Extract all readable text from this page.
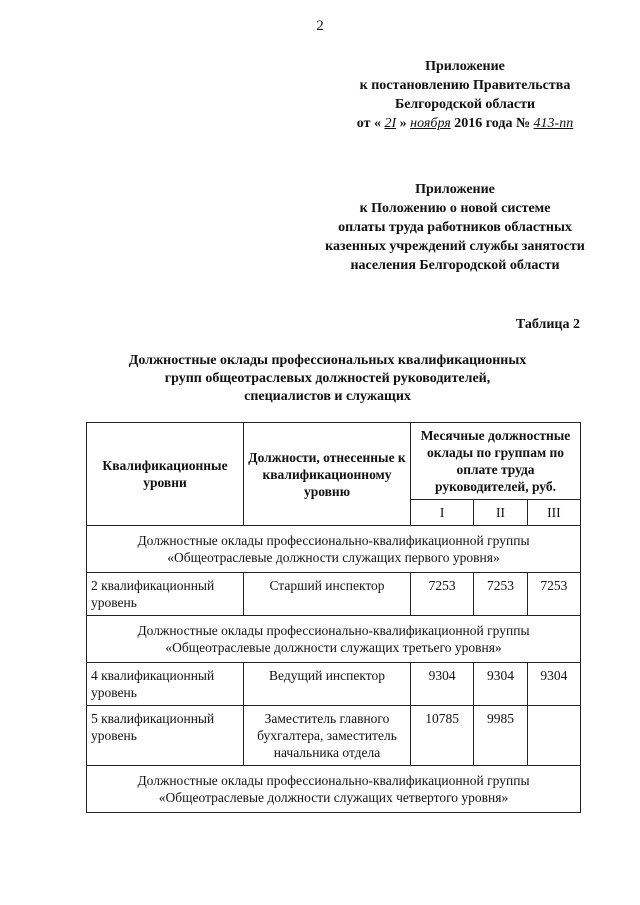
2
Приложение
к постановлению Правительства
Белгородской области
от « 2I » ноября 2016 года № 413-пп
Приложение
к Положению о новой системе
оплаты труда работников областных
казенных учреждений службы занятости
населения Белгородской области
Таблица 2
Должностные оклады профессиональных квалификационных
групп общеотраслевых должностей руководителей,
специалистов и служащих
Квалификационные уровни	Должности, отнесенные к квалификационному уровню	Месячные должностные оклады по группам по оплате труда руководителей, руб.		
		I	II	III
Должностные оклады профессионально-квалификационной группы «Общеотраслевые должности служащих первого уровня»				
2 квалификационный уровень	Старший инспектор	7253	7253	7253
Должностные оклады профессионально-квалификационной группы «Общеотраслевые должности служащих третьего уровня»				
4 квалификационный уровень	Ведущий инспектор	9304	9304	9304
5 квалификационный уровень	Заместитель главного бухгалтера, заместитель начальника отдела	10785	9985	
Должностные оклады профессионально-квалификационной группы «Общеотраслевые должности служащих четвертого уровня»				
